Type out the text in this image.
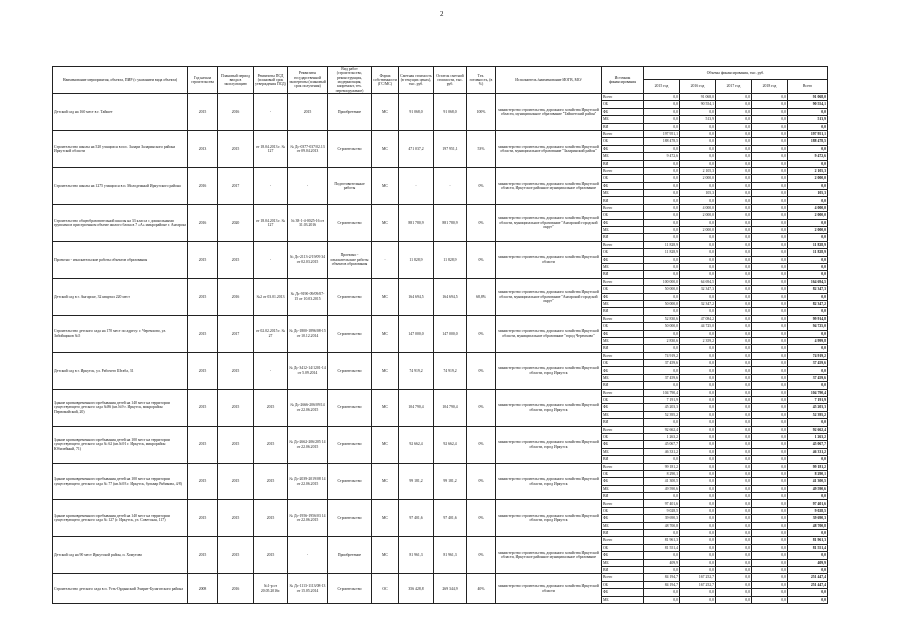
2
Наименование мероприятия, объекта, ПИР (с указанием вида объекта)	Год начала строительства	Плановый период ввода в эксплуатацию	Реквизиты ПСД (плановый срок утверждения ПСД)	Реквизиты государственной экспертизы (плановый срок получения)	Вид работ (строительство, реконструкция, модернизация, капремонт, тех. перевооружение)	Форма собственности (ГС/МС)	Сметная стоимость (в текущих ценах), тыс. руб.	Остаток сметной стоимости, тыс. руб.	Тех. готовность, (в %)	Исполнитель /наименование ИОГВ, МО/	Источник финансирования	Объемы финансирования, тыс. руб.				
												2015 год	2016 год	2017 год	2018 год	Всего
Детский сад на 160 мест в г. Тайшет	2015	2016	-	2015	Приобретение	МС	91 068,0	91 068,0	100%	министерство строительства, дорожного хозяйства Иркутской области, муниципальное образование "Тайшетский район"	Всего	0,0	91 068,0	0,0	0,0	91 068,0
											ОБ	0,0	90 554,1	0,0	0,0	90 554,1
											ФБ	0,0	0,0	0,0	0,0	0,0
											МБ	0,0	513,9	0,0	0,0	513,9
											ВИ	0,0	0,0	0,0	0,0	0,0
Строительство школы на 520 учащихся в пос. Залари Заларинского района Иркутской области	2013	2015	от 18.04.2013 г. № 127	№ Дс-0377-037/02.13 от 09.04.2013	Строительство	МС	471 037,2	197 951,1	53%	министерство строительства, дорожного хозяйства Иркутской области, муниципальное образование "Заларинский район"	Всего	197 951,1	0,0	0,0	0,0	197 951,1
											ОБ	188 478,5	0,0	0,0	0,0	188 478,5
											ФБ	0,0	0,0	0,0	0,0	0,0
											МБ	9 472,6	0,0	0,0	0,0	9 472,6
											ВИ	0,0	0,0	0,0	0,0	0,0
Строительство школы на 1275 учащихся в п. Молодежный Иркутского района	2016	2017	-	-	Подготовительные работы	МС	-	-	0%	министерство строительства, дорожного хозяйства Иркутской области, Иркутское районное муниципальное образование	Всего	0,0	2 105,3	0,0	0,0	2 105,3
											ОБ	0,0	2 000,0	0,0	0,0	2 000,0
											ФБ	0,0	0,0	0,0	0,0	0,0
											МБ	0,0	105,3	0,0	0,0	105,3
											ВИ	0,0	0,0	0,0	0,0	0,0
Строительство общеобразовательной школы на 33 класса с дошкольными группами в пристроенном объеме жилого блока в 7 «А» микрорайоне г. Ангарска	2016	2020	от 18.04.2013 г. № 127	№ 38-1-4-0025-16 от 31.03.2016	Строительство	МС	881 780,9	881 780,9	0%	министерство строительства, дорожного хозяйства Иркутской области, муниципальное образование "Ангарский городской округ"	Всего	0,0	4 000,0	0,0	0,0	4 000,0
											ОБ	0,0	2 000,0	0,0	0,0	2 000,0
											ФБ	0,0	0,0	0,0	0,0	0,0
											МБ	0,0	2 000,0	0,0	0,0	2 000,0
											ВИ	0,0	0,0	0,0	0,0	0,0
Проектно - изыскательские работы объектов образования	2015	2015	-	№ Дс-2113-2/19/09 34 от 02.03.2015	Проектно - изыскательские работы объектов образования	-	11 828,9	11 828,9	0%	министерство строительства, дорожного хозяйства Иркутской области	Всего	11 828,9	0,0	0,0	0,0	11 828,9
											ОБ	11 828,9	0,0	0,0	0,0	11 828,9
											ФБ	0,0	0,0	0,0	0,0	0,0
											МБ	0,0	0,0	0,0	0,0	0,0
											ВИ	0,0	0,0	0,0	0,0	0,0
Детский сад в г. Ангарске, 32 квартал 220 мест	2015	2016	№2 от 03.01.2013	№ Дс-9190-09/09/07-15 от 10.03.2015	Строительство	МС	164 694,5	164 694,5	68,8%	министерство строительства, дорожного хозяйства Иркутской области, муниципальное образование "Ангарский городской округ"	Всего	100 000,0	64 694,5	0,0	0,0	164 694,5
											ОБ	50 000,0	32 347,3	0,0	0,0	82 347,3
											ФБ	0,0	0,0	0,0	0,0	0,0
											МБ	50 000,0	32 347,2	0,0	0,0	82 347,2
											ВИ	0,0	0,0	0,0	0,0	0,0
Строительство детского сада на 170 мест по адресу: г. Черемхово, ул. Забойщиков №5	2015	2017	от 02.02.2015 г. № 27	№ Дс-1800-1896/08-15 от 10.12.2014	Строительство	МС	147 000,0	147 000,0	0%	министерство строительства, дорожного хозяйства Иркутской области, муниципальное образование "город Черемхово"	Всего	52 830,6	47 084,2	0,0	0,0	99 914,8
											ОБ	50 000,0	44 725,0	0,0	0,0	94 725,0
											ФБ	0,0	0,0	0,0	0,0	0,0
											МБ	2 830,6	2 359,2	0,0	0,0	4 999,8
											ВИ	0,0	0,0	0,0	0,0	0,0
Детский сад в г. Иркутск, ул. Рабочего Штаба, 31	2015	2015	-	№ Дс-3412-14/1201-14 от 5.09.2014	Строительство	МС	74 919,2	74 919,2	0%	министерство строительства, дорожного хозяйства Иркутской области, город Иркутск	Всего	74 919,2	0,0	0,0	0,0	74 919,2
											ОБ	37 459,6	0,0	0,0	0,0	37 459,6
											ФБ	0,0	0,0	0,0	0,0	0,0
											МБ	37 459,6	0,0	0,0	0,0	37 459,6
											ВИ	0,0	0,0	0,0	0,0	0,0
Здание кратковременного пребывания детей на 140 мест на территории существующего детского сада №86 (кв.№9 г. Иркутск, микрорайон Первомайский, 20)	2015	2015	2015	№ Дс-2666-206/09/14 от 22.06.2015	Строительство	МС	104 790,4	104 790,4	0%	министерство строительства, дорожного хозяйства Иркутской области, город Иркутск	Всего	104 790,4	0,0	0,0	0,0	104 790,4
											ОБ	7 191,9	0,0	0,0	0,0	7 191,9
											ФБ	45 203,3	0,0	0,0	0,0	45 203,3
											МБ	52 395,2	0,0	0,0	0,0	52 395,2
											ВИ	0,0	0,0	0,0	0,0	0,0
Здание кратковременного пребывания детей на 100 мест на территории существующего детского сада № 62 (кв.№91 г. Иркутск, микрорайон Юбилейный, 71)	2015	2015	2015	№ Дс-2662-206/205 14 от 22.06.2015	Строительство	МС	92 662,4	92 662,4	0%	министерство строительства, дорожного хозяйства Иркутской области, город Иркутск	Всего	92 662,4	0,0	0,0	0,0	92 662,4
											ОБ	1 263,2	0,0	0,0	0,0	1 263,2
											ФБ	45 067,7	0,0	0,0	0,0	45 067,7
											МБ	46 331,2	0,0	0,0	0,0	46 331,2
											ВИ	0,0	0,0	0,0	0,0	0,0
Здание кратковременного пребывания детей на 100 мест на территории существующего детского сада № 77 (кв.№93 г. Иркутск, бульвар Рябикова, 4/8)	2015	2015	2015	№ Дс-2039-2019/08 14 от 22.06.2015	Строительство	МС	99 181,2	99 181,2	0%	министерство строительства, дорожного хозяйства Иркутской области, город Иркутск	Всего	99 181,2	0,0	0,0	0,0	99 181,2
											ОБ	8 290,1	0,0	0,0	0,0	8 290,1
											ФБ	41 300,5	0,0	0,0	0,0	41 300,5
											МБ	49 590,6	0,0	0,0	0,0	49 590,6
											ВИ	0,0	0,0	0,0	0,0	0,0
Здание кратковременного пребывания детей на 140 мест на территории существующего детского сада № 127 (г. Иркутск, ул. Советская, 117)	2015	2015	2015	№ Дс-1956-1956/03 14 от 22.06.2015	Строительство	МС	97 401,6	97 401,6	0%	министерство строительства, дорожного хозяйства Иркутской области, город Иркутск	Всего	97 401,6	0,0	0,0	0,0	97 401,6
											ОБ	9 028,5	0,0	0,0	0,0	9 028,5
											ФБ	39 690,3	0,0	0,0	0,0	39 690,3
											МБ	48 700,8	0,0	0,0	0,0	48 700,8
											ВИ	0,0	0,0	0,0	0,0	0,0
Детский сад на 90 мест Иркутской район, п. Хомутово	2015	2015	2015	-	Приобретение	МС	81 961,3	81 961,3	0%	министерство строительства, дорожного хозяйства Иркутской области, Иркутское районное муниципальное образование	Всего	81 961,3	0,0	0,0	0,0	81 961,3
											ОБ	81 551,4	0,0	0,0	0,0	81 551,4
											ФБ	0,0	0,0	0,0	0,0	0,0
											МБ	409,9	0,0	0,0	0,0	409,9
											ВИ	0,0	0,0	0,0	0,0	0,0
Строительство детского сада в п. Усть-Ордынский Эхирит-Булагатского района	2008	2016	№1-р от 20.05.2016г.	№ Дс-1113-1113/08-13 от 15.05.2014	Строительство	ОС	356 428,8	269 344,9	40%	министерство строительства, дорожного хозяйства Иркутской области	Всего	84 194,7	167 252,7	0,0	0,0	251 447,4
											ОБ	84 194,7	167 252,7	0,0	0,0	251 447,4
											ФБ	0,0	0,0	0,0	0,0	0,0
											МБ	0,0	0,0	0,0	0,0	0,0
